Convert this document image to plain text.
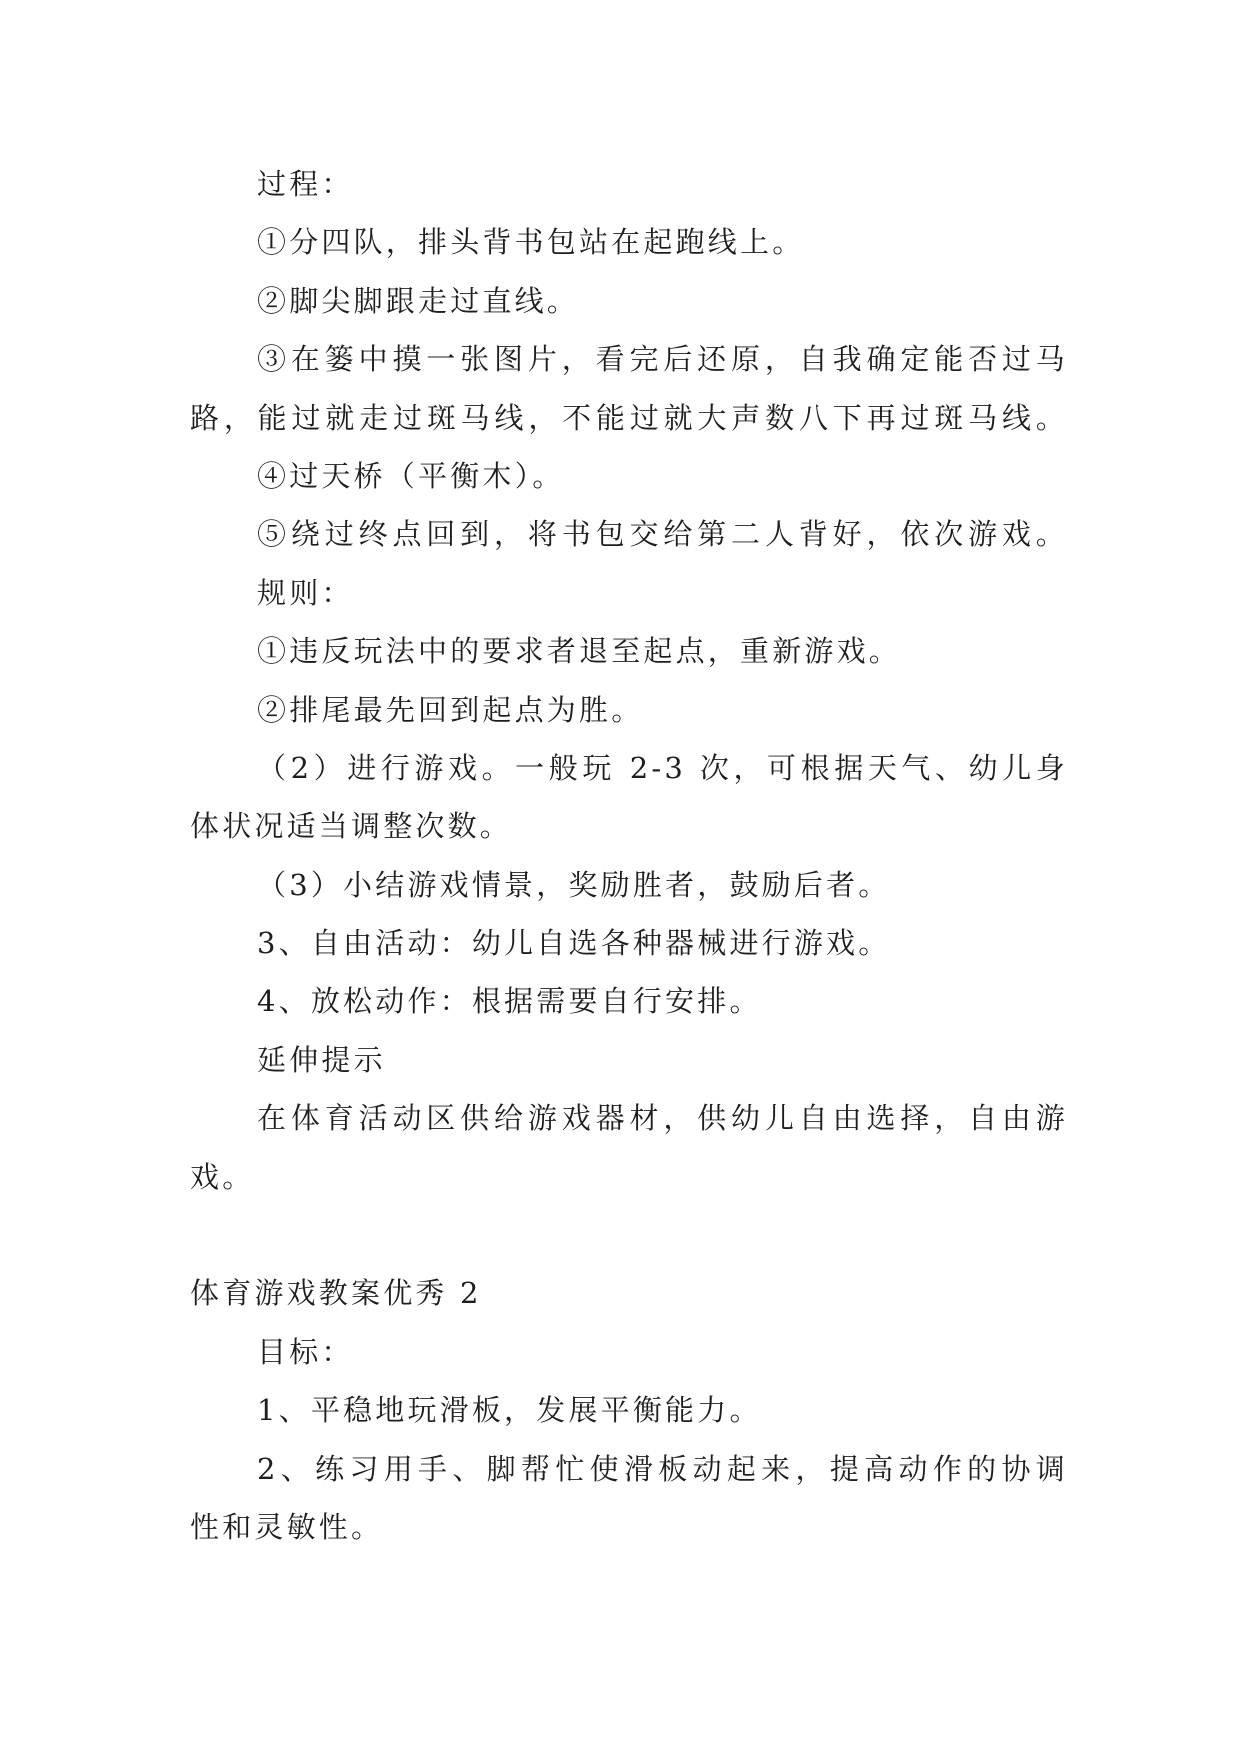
过程：
①分四队，排头背书包站在起跑线上。
②脚尖脚跟走过直线。
③在篓中摸一张图片，看完后还原，自我确定能否过马
路，能过就走过斑马线，不能过就大声数八下再过斑马线。
④过天桥（平衡木）。
⑤绕过终点回到，将书包交给第二人背好，依次游戏。
规则：
①违反玩法中的要求者退至起点，重新游戏。
②排尾最先回到起点为胜。
（2）进行游戏。一般玩 2-3 次，可根据天气、幼儿身
体状况适当调整次数。
（3）小结游戏情景，奖励胜者，鼓励后者。
3、自由活动：幼儿自选各种器械进行游戏。
4、放松动作：根据需要自行安排。
延伸提示
在体育活动区供给游戏器材，供幼儿自由选择，自由游
戏。
体育游戏教案优秀 2
目标：
1、平稳地玩滑板，发展平衡能力。
2、练习用手、脚帮忙使滑板动起来，提高动作的协调
性和灵敏性。
